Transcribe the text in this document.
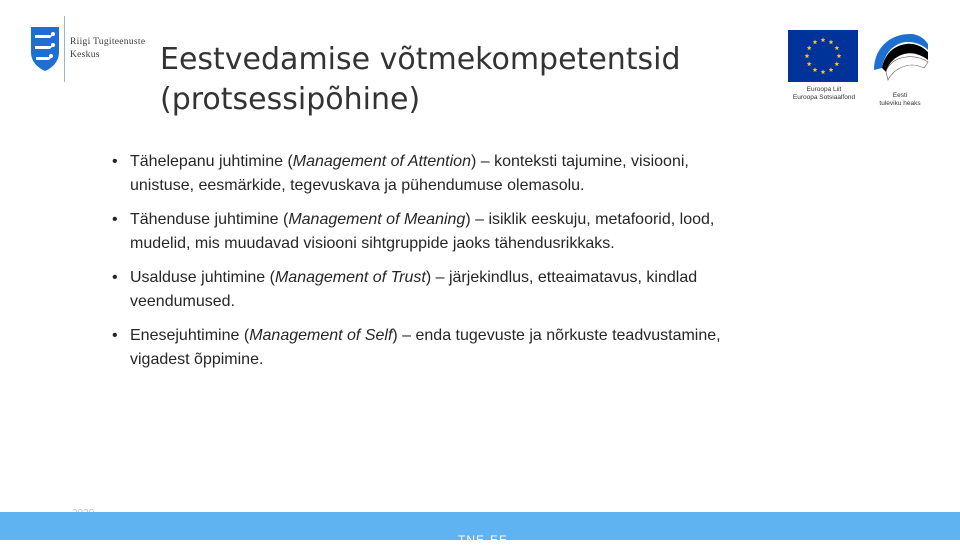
Riigi Tugiteenuste
Keskus	Eestvedamise võtmekompetentsid
(protsessipõhine)	Euroopa Liit
Euroopa Sotsiaalfond	Eesti
tuleviku heaks
• Tähelepanu juhtimine (Management of Attention) – konteksti tajumine, visiooni, unistuse, eesmärkide, tegevuskava ja pühendumuse olemasolu.
• Tähenduse juhtimine (Management of Meaning) – isiklik eeskuju, metafoorid, lood, mudelid, mis muudavad visiooni sihtgruppide jaoks tähendusrikkaks.
• Usalduse juhtimine (Management of Trust) – järjekindlus, etteaimatavus, kindlad veendumused.
• Enesejuhtimine (Management of Self) – enda tugevuste ja nõrkuste teadvustamine, vigadest õppimine.
TNE-EE
